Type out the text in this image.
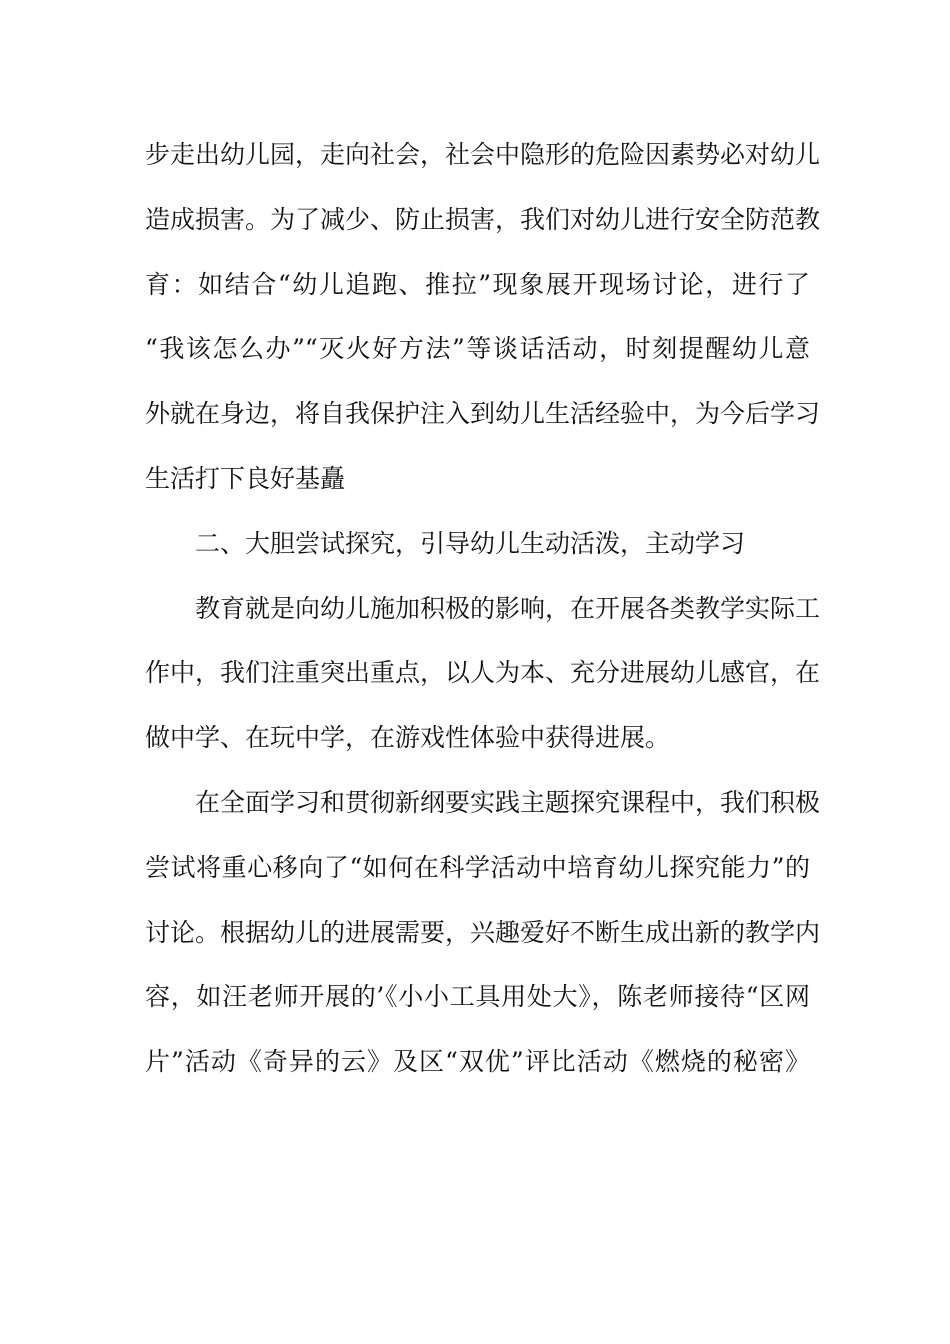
步走出幼儿园，走向社会，社会中隐形的危险因素势必对幼儿
造成损害。为了减少、防止损害，我们对幼儿进行安全防范教
育：如结合“幼儿追跑、推拉”现象展开现场讨论，进行了
“我该怎么办”“灭火好方法”等谈话活动，时刻提醒幼儿意
外就在身边，将自我保护注入到幼儿生活经验中，为今后学习
生活打下良好基矗
二、大胆尝试探究，引导幼儿生动活泼，主动学习
教育就是向幼儿施加积极的影响，在开展各类教学实际工
作中，我们注重突出重点，以人为本、充分进展幼儿感官，在
做中学、在玩中学，在游戏性体验中获得进展。
在全面学习和贯彻新纲要实践主题探究课程中，我们积极
尝试将重心移向了“如何在科学活动中培育幼儿探究能力”的
讨论。根据幼儿的进展需要，兴趣爱好不断生成出新的教学内
容，如汪老师开展的’《小小工具用处大》，陈老师接待“区网
片”活动《奇异的云》及区“双优”评比活动《燃烧的秘密》
